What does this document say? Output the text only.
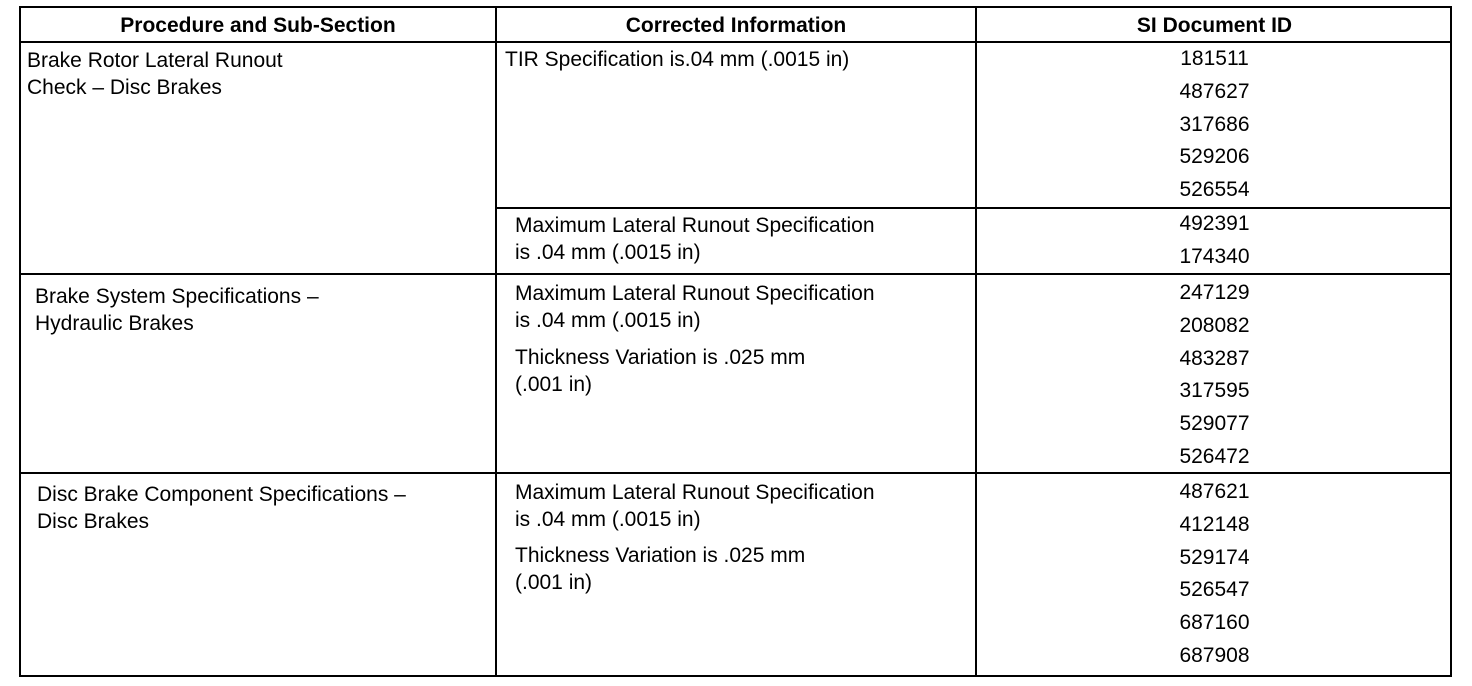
Procedure and Sub-Section	Corrected Information	SI Document ID
Brake Rotor Lateral Runout
Check – Disc Brakes
TIR Specification is.04 mm (.0015 in)
Maximum Lateral Runout Specification
is .04 mm (.0015 in)
181511
487627
317686
529206
526554
492391
174340
Brake System Specifications –
Hydraulic Brakes
Maximum Lateral Runout Specification
is .04 mm (.0015 in)
Thickness Variation is .025 mm
(.001 in)
247129
208082
483287
317595
529077
526472
Disc Brake Component Specifications –
Disc Brakes
Maximum Lateral Runout Specification
is .04 mm (.0015 in)
Thickness Variation is .025 mm
(.001 in)
487621
412148
529174
526547
687160
687908
